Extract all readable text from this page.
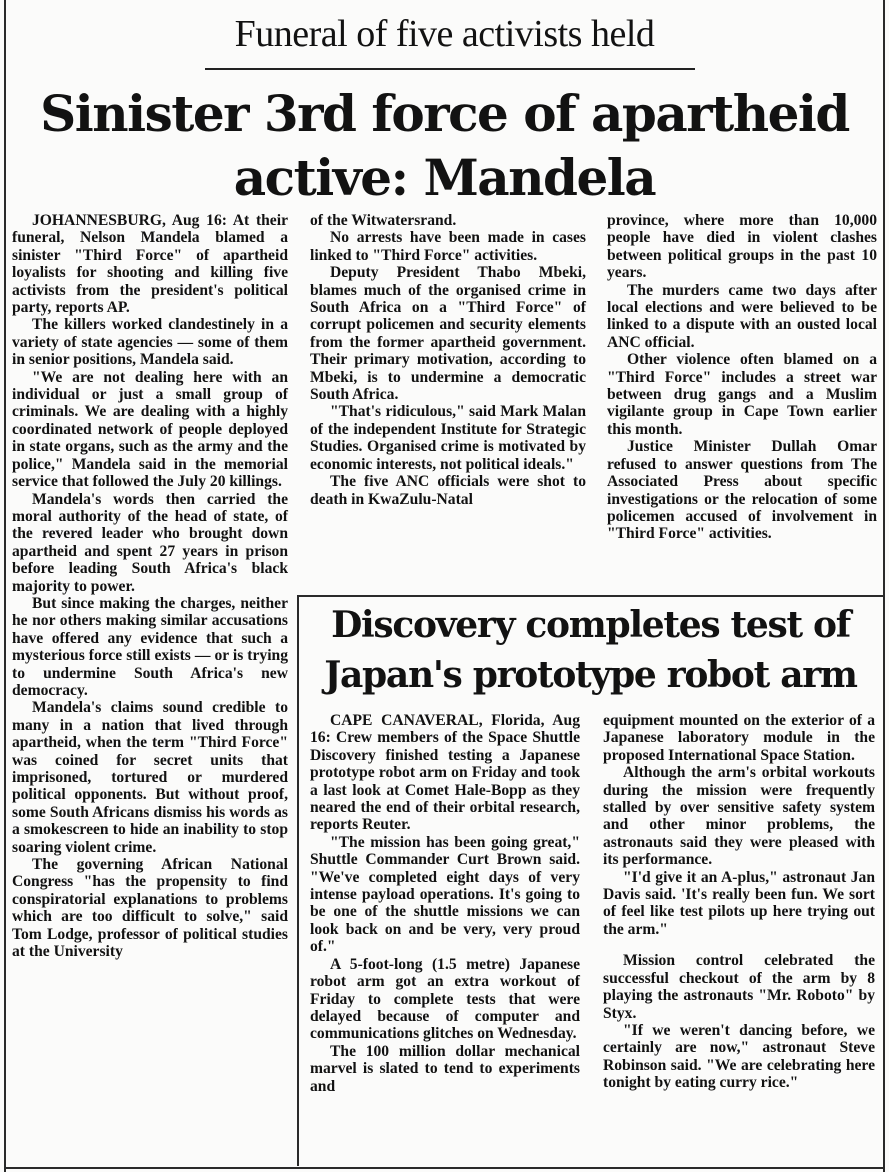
Funeral of five activists held
Sinister 3rd force of apartheid
active: Mandela

JOHANNESBURG, Aug 16: At their funeral, Nelson Mandela blamed a sinister "Third Force" of apartheid loyalists for shooting and killing five activists from the president's political party, reports AP.

The killers worked clandestinely in a variety of state agencies — some of them in senior positions, Mandela said.

"We are not dealing here with an individual or just a small group of criminals. We are dealing with a highly coordinated network of people deployed in state organs, such as the army and the police," Mandela said in the memorial service that followed the July 20 killings.

Mandela's words then carried the moral authority of the head of state, of the revered leader who brought down apartheid and spent 27 years in prison before leading South Africa's black majority to power.

But since making the charges, neither he nor others making similar accusations have offered any evidence that such a mysterious force still exists — or is trying to undermine South Africa's new democracy.

Mandela's claims sound credible to many in a nation that lived through apartheid, when the term "Third Force" was coined for secret units that imprisoned, tortured or murdered political opponents. But without proof, some South Africans dismiss his words as a smokescreen to hide an inability to stop soaring violent crime.

The governing African National Congress "has the propensity to find conspiratorial explanations to problems which are too difficult to solve," said Tom Lodge, professor of political studies at the University

of the Witwatersrand.

No arrests have been made in cases linked to "Third Force" activities.

Deputy President Thabo Mbeki, blames much of the organised crime in South Africa on a "Third Force" of corrupt policemen and security elements from the former apartheid government. Their primary motivation, according to Mbeki, is to undermine a democratic South Africa.

"That's ridiculous," said Mark Malan of the independent Institute for Strategic Studies. Organised crime is motivated by economic interests, not political ideals."

The five ANC officials were shot to death in KwaZulu-Natal

province, where more than 10,000 people have died in violent clashes between political groups in the past 10 years.

The murders came two days after local elections and were believed to be linked to a dispute with an ousted local ANC official.

Other violence often blamed on a "Third Force" includes a street war between drug gangs and a Muslim vigilante group in Cape Town earlier this month.

Justice Minister Dullah Omar refused to answer questions from The Associated Press about specific investigations or the relocation of some policemen accused of involvement in "Third Force" activities.

Discovery completes test of
Japan's prototype robot arm

CAPE CANAVERAL, Florida, Aug 16: Crew members of the Space Shuttle Discovery finished testing a Japanese prototype robot arm on Friday and took a last look at Comet Hale-Bopp as they neared the end of their orbital research, reports Reuter.

"The mission has been going great," Shuttle Commander Curt Brown said. "We've completed eight days of very intense payload operations. It's going to be one of the shuttle missions we can look back on and be very, very proud of."

A 5-foot-long (1.5 metre) Japanese robot arm got an extra workout of Friday to complete tests that were delayed because of computer and communications glitches on Wednesday.

The 100 million dollar mechanical marvel is slated to tend to experiments and

equipment mounted on the exterior of a Japanese laboratory module in the proposed International Space Station.

Although the arm's orbital workouts during the mission were frequently stalled by over sensitive safety system and other minor problems, the astronauts said they were pleased with its performance.

"I'd give it an A-plus," astronaut Jan Davis said. 'It's really been fun. We sort of feel like test pilots up here trying out the arm."

Mission control celebrated the successful checkout of the arm by 8 playing the astronauts "Mr. Roboto" by Styx.

"If we weren't dancing before, we certainly are now," astronaut Steve Robinson said. "We are celebrating here tonight by eating curry rice."
